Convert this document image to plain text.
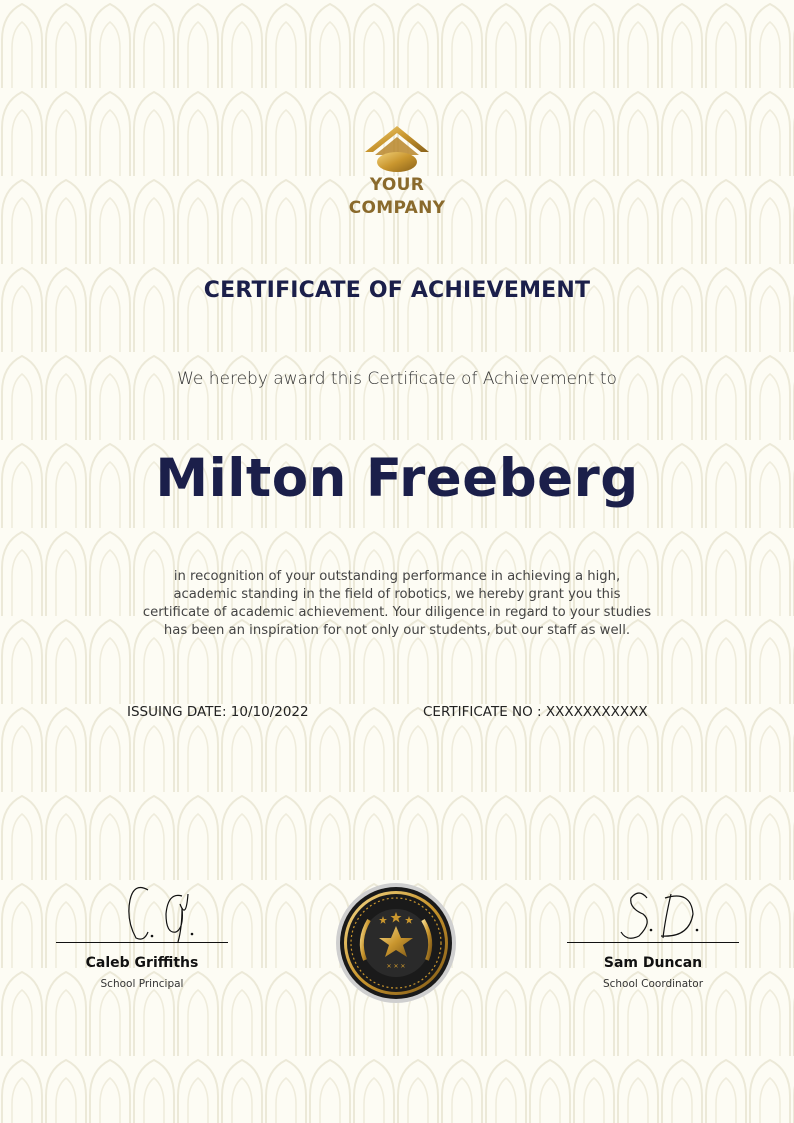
YOUR
COMPANY
CERTIFICATE OF ACHIEVEMENT
We hereby award this Certificate of Achievement to
Milton Freeberg
in recognition of your outstanding performance in achieving a high,
academic standing in the field of robotics, we hereby grant you this
certificate of academic achievement. Your diligence in regard to your studies
has been an inspiration for not only our students, but our staff as well.
ISSUING DATE: 10/10/2022	CERTIFICATE NO : XXXXXXXXXXX
Caleb Griffiths
School Principal
✕ ✕ ✕	Sam Duncan
School Coordinator
